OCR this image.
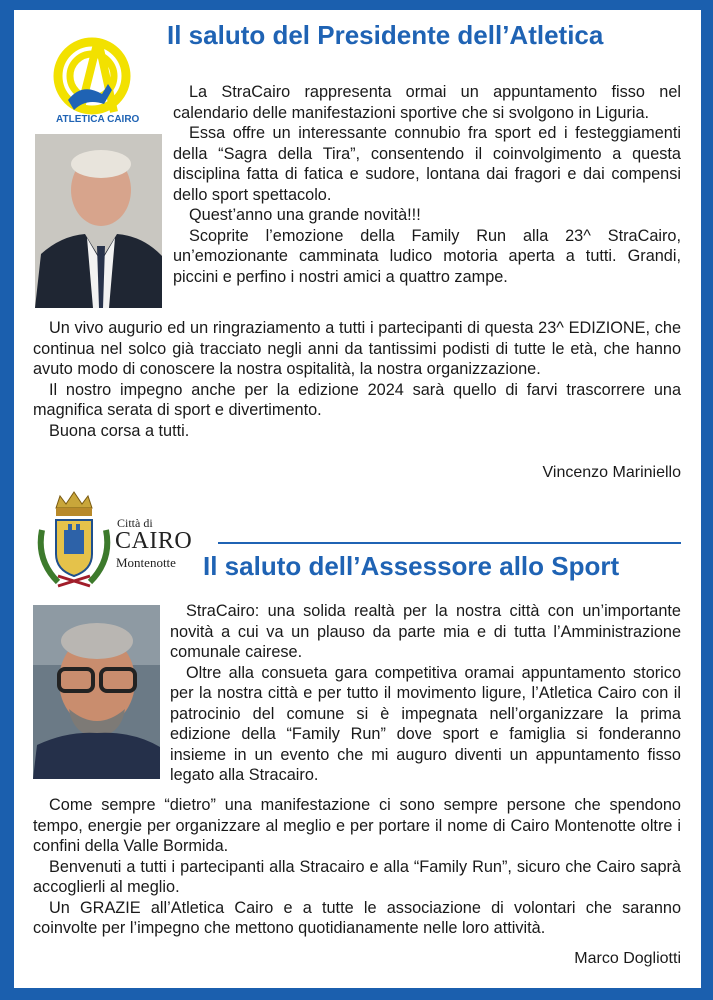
ATLETICA CAIRO
Il saluto del Presidente dell’Atletica
La StraCairo rappresenta ormai un appuntamento fisso nel calendario delle manifestazioni sportive che si svolgono in Liguria.
Essa offre un interessante connubio fra sport ed i festeggiamenti della “Sagra della Tira”, consentendo il coinvolgimento a questa disciplina fatta di fatica e sudore, lontana dai fragori e dai compensi dello sport spettacolo.
Quest’anno una grande novità!!!
Scoprite l’emozione della Family Run alla 23^ StraCairo, un’emozionante camminata ludico motoria aperta a tutti. Grandi, piccini e perfino i nostri amici a quattro zampe.
Un vivo augurio ed un ringraziamento a tutti i partecipanti di questa 23^ EDIZIONE, che continua nel solco già tracciato negli anni da tantissimi podisti di tutte le età, che hanno avuto modo di conoscere la nostra ospitalità, la nostra organizzazione.
Il nostro impegno anche per la edizione 2024 sarà quello di farvi trascorrere una magnifica serata di sport e divertimento.
Buona corsa a tutti.
Vincenzo Mariniello
Città di
CAIRO
Montenotte Il saluto dell’Assessore allo Sport
StraCairo: una solida realtà per la nostra città con un’importante novità a cui va un plauso da parte mia e di tutta l’Amministrazione comunale cairese.
Oltre alla consueta gara competitiva oramai appuntamento storico per la nostra città e per tutto il movimento ligure, l’Atletica Cairo con il patrocinio del comune si è impegnata nell’organizzare la prima edizione della “Family Run” dove sport e famiglia si fonderanno insieme in un evento che mi auguro diventi un appuntamento fisso legato alla Stracairo.
Come sempre “dietro” una manifestazione ci sono sempre persone che spendono tempo, energie per organizzare al meglio e per portare il nome di Cairo Montenotte oltre i confini della Valle Bormida.
Benvenuti a tutti i partecipanti alla Stracairo e alla “Family Run”, sicuro che Cairo saprà accoglierli al meglio.
Un GRAZIE all’Atletica Cairo e a tutte le associazione di volontari che saranno coinvolte per l’impegno che mettono quotidianamente nelle loro attività.
Marco Dogliotti
